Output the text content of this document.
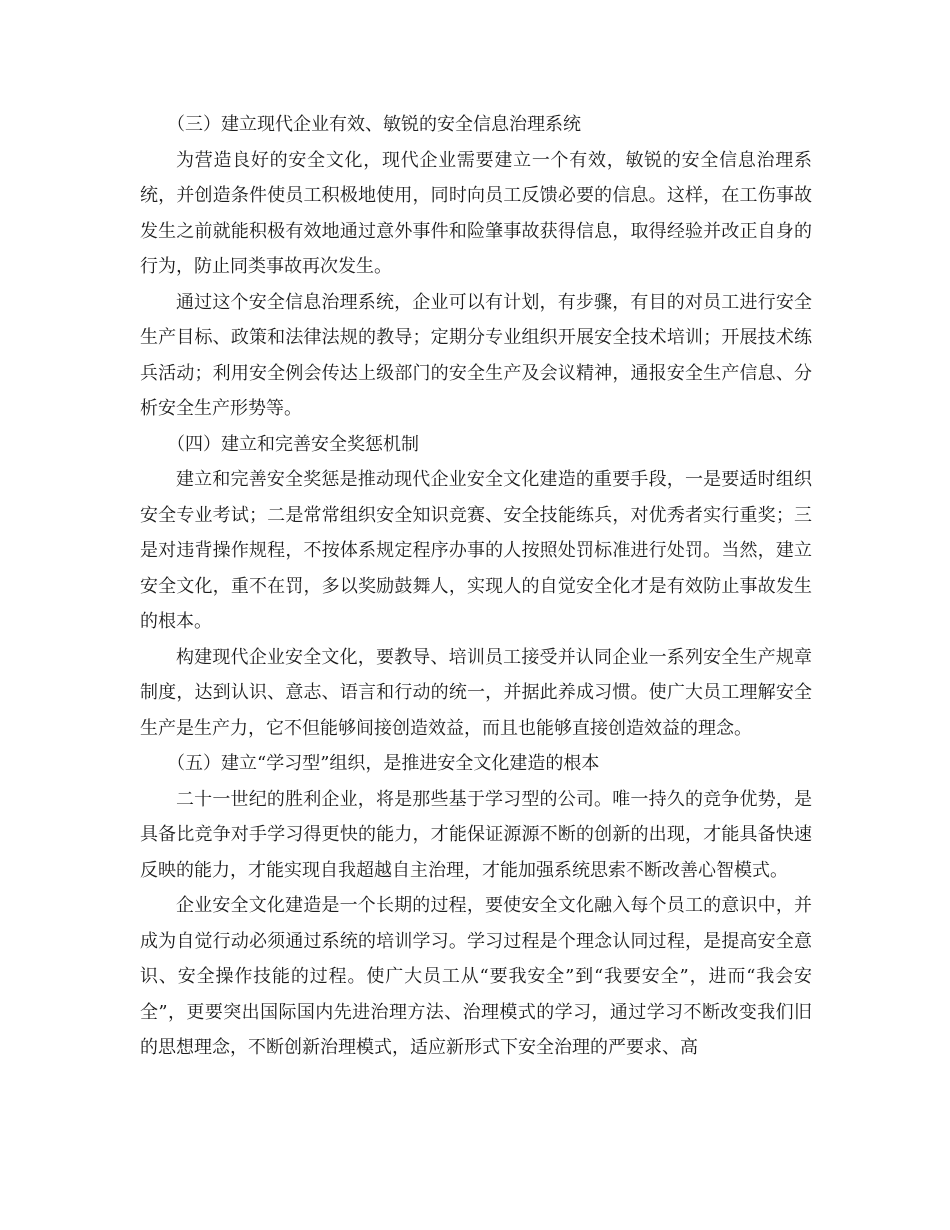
（三）建立现代企业有效、敏锐的安全信息治理系统

为营造良好的安全文化，现代企业需要建立一个有效，敏锐的安全信息治理系统，并创造条件使员工积极地使用，同时向员工反馈必要的信息。这样，在工伤事故发生之前就能积极有效地通过意外事件和险肇事故获得信息，取得经验并改正自身的行为，防止同类事故再次发生。

通过这个安全信息治理系统，企业可以有计划，有步骤，有目的对员工进行安全生产目标、政策和法律法规的教导；定期分专业组织开展安全技术培训；开展技术练兵活动；利用安全例会传达上级部门的安全生产及会议精神，通报安全生产信息、分析安全生产形势等。

（四）建立和完善安全奖惩机制

建立和完善安全奖惩是推动现代企业安全文化建造的重要手段，一是要适时组织安全专业考试；二是常常组织安全知识竞赛、安全技能练兵，对优秀者实行重奖；三是对违背操作规程，不按体系规定程序办事的人按照处罚标准进行处罚。当然，建立安全文化，重不在罚，多以奖励鼓舞人，实现人的自觉安全化才是有效防止事故发生的根本。

构建现代企业安全文化，要教导、培训员工接受并认同企业一系列安全生产规章制度，达到认识、意志、语言和行动的统一，并据此养成习惯。使广大员工理解安全生产是生产力，它不但能够间接创造效益，而且也能够直接创造效益的理念。

（五）建立“学习型”组织，是推进安全文化建造的根本

二十一世纪的胜利企业，将是那些基于学习型的公司。唯一持久的竞争优势，是具备比竞争对手学习得更快的能力，才能保证源源不断的创新的出现，才能具备快速反映的能力，才能实现自我超越自主治理，才能加强系统思索不断改善心智模式。

企业安全文化建造是一个长期的过程，要使安全文化融入每个员工的意识中，并成为自觉行动必须通过系统的培训学习。学习过程是个理念认同过程，是提高安全意识、安全操作技能的过程。使广大员工从“要我安全”到“我要安全”，进而“我会安全”，更要突出国际国内先进治理方法、治理模式的学习，通过学习不断改变我们旧的思想理念，不断创新治理模式，适应新形式下安全治理的严要求、高
